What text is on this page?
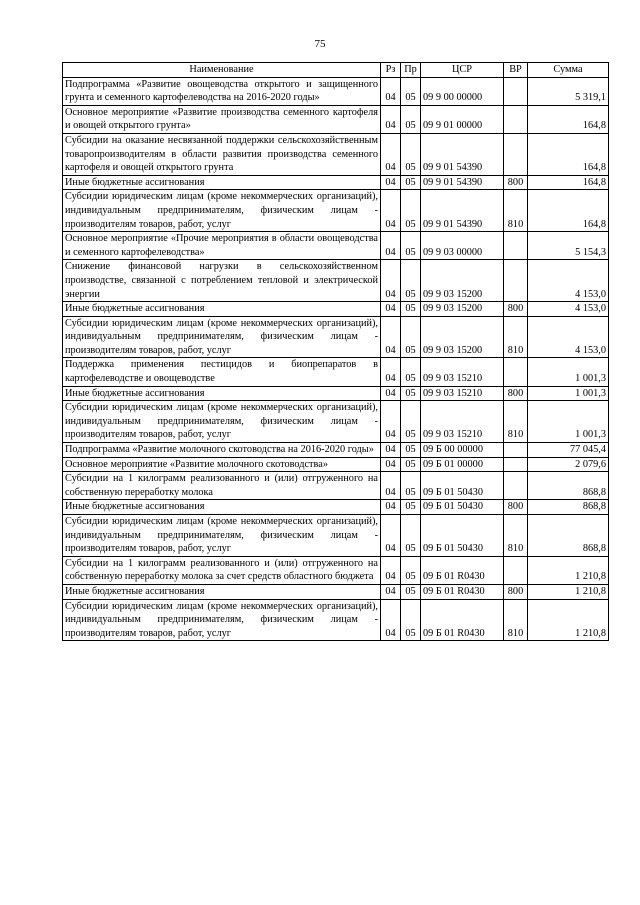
75
Наименование	Рз	Пр	ЦСР	ВР	Сумма
Подпрограмма «Развитие овощеводства открытого и защищенного грунта и семенного картофелеводства на 2016-2020 годы»	04	05	09 9 00 00000		5 319,1
Основное мероприятие «Развитие производства семенного картофеля и овощей открытого грунта»	04	05	09 9 01 00000		164,8
Субсидии на оказание несвязанной поддержки сельскохозяйственным товаропроизводителям в области развития производства семенного картофеля и овощей открытого грунта	04	05	09 9 01 54390		164,8
Иные бюджетные ассигнования	04	05	09 9 01 54390	800	164,8
Субсидии юридическим лицам (кроме некоммерческих организаций), индивидуальным предпринимателям, физическим лицам - производителям товаров, работ, услуг	04	05	09 9 01 54390	810	164,8
Основное мероприятие «Прочие мероприятия в области овощеводства и семенного картофелеводства»	04	05	09 9 03 00000		5 154,3
Снижение финансовой нагрузки в сельскохозяйственном производстве, связанной с потреблением тепловой и электрической энергии	04	05	09 9 03 15200		4 153,0
Иные бюджетные ассигнования	04	05	09 9 03 15200	800	4 153,0
Субсидии юридическим лицам (кроме некоммерческих организаций), индивидуальным предпринимателям, физическим лицам - производителям товаров, работ, услуг	04	05	09 9 03 15200	810	4 153,0
Поддержка применения пестицидов и биопрепаратов в картофелеводстве и овощеводстве	04	05	09 9 03 15210		1 001,3
Иные бюджетные ассигнования	04	05	09 9 03 15210	800	1 001,3
Субсидии юридическим лицам (кроме некоммерческих организаций), индивидуальным предпринимателям, физическим лицам - производителям товаров, работ, услуг	04	05	09 9 03 15210	810	1 001,3
Подпрограмма «Развитие молочного скотоводства на 2016-2020 годы»	04	05	09 Б 00 00000		77 045,4
Основное мероприятие «Развитие молочного скотоводства»	04	05	09 Б 01 00000		2 079,6
Субсидии на 1 килограмм реализованного и (или) отгруженного на собственную переработку молока	04	05	09 Б 01 50430		868,8
Иные бюджетные ассигнования	04	05	09 Б 01 50430	800	868,8
Субсидии юридическим лицам (кроме некоммерческих организаций), индивидуальным предпринимателям, физическим лицам - производителям товаров, работ, услуг	04	05	09 Б 01 50430	810	868,8
Субсидии на 1 килограмм реализованного и (или) отгруженного на собственную переработку молока за счет средств областного бюджета	04	05	09 Б 01 R0430		1 210,8
Иные бюджетные ассигнования	04	05	09 Б 01 R0430	800	1 210,8
Субсидии юридическим лицам (кроме некоммерческих организаций), индивидуальным предпринимателям, физическим лицам - производителям товаров, работ, услуг	04	05	09 Б 01 R0430	810	1 210,8
